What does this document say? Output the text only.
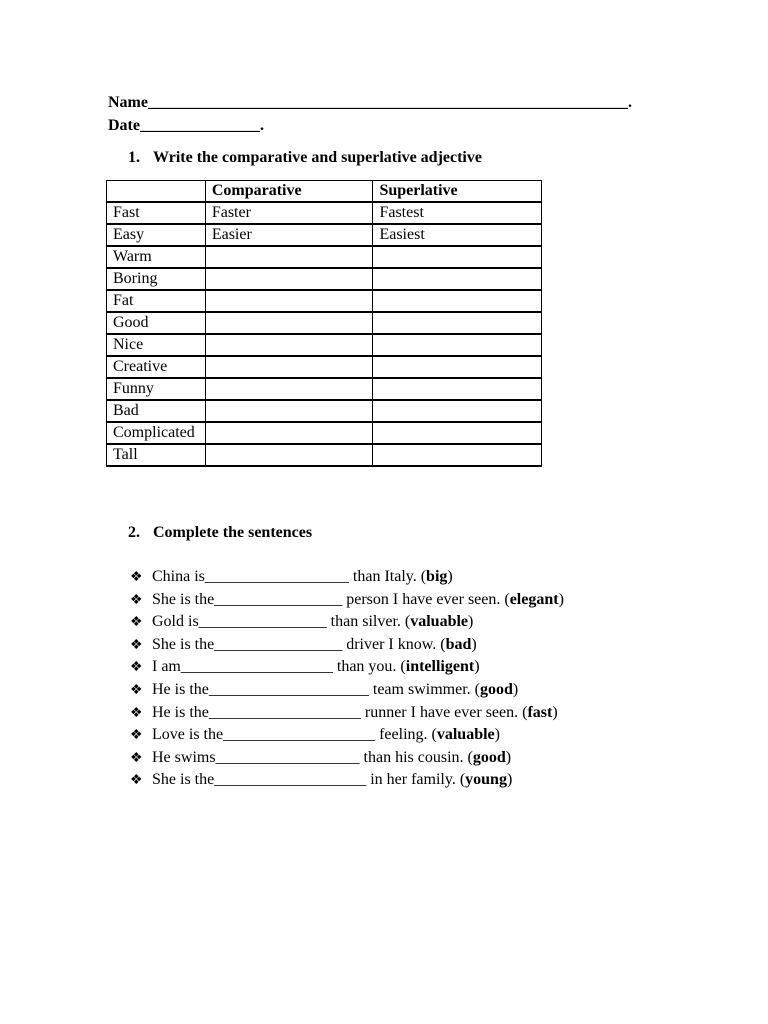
Name____________________________________________________________.
Date_______________.
1. Write the comparative and superlative adjective
	Comparative	Superlative
Fast	Faster	Fastest
Easy	Easier	Easiest
Warm		
Boring		
Fat		
Good		
Nice		
Creative		
Funny		
Bad		
Complicated		
Tall		
2. Complete the sentences
❖ China is__________________ than Italy. (big)
❖ She is the________________ person I have ever seen. (elegant)
❖ Gold is________________ than silver. (valuable)
❖ She is the________________ driver I know. (bad)
❖ I am___________________ than you. (intelligent)
❖ He is the____________________ team swimmer. (good)
❖ He is the___________________ runner I have ever seen. (fast)
❖ Love is the___________________ feeling. (valuable)
❖ He swims__________________ than his cousin. (good)
❖ She is the___________________ in her family. (young)
